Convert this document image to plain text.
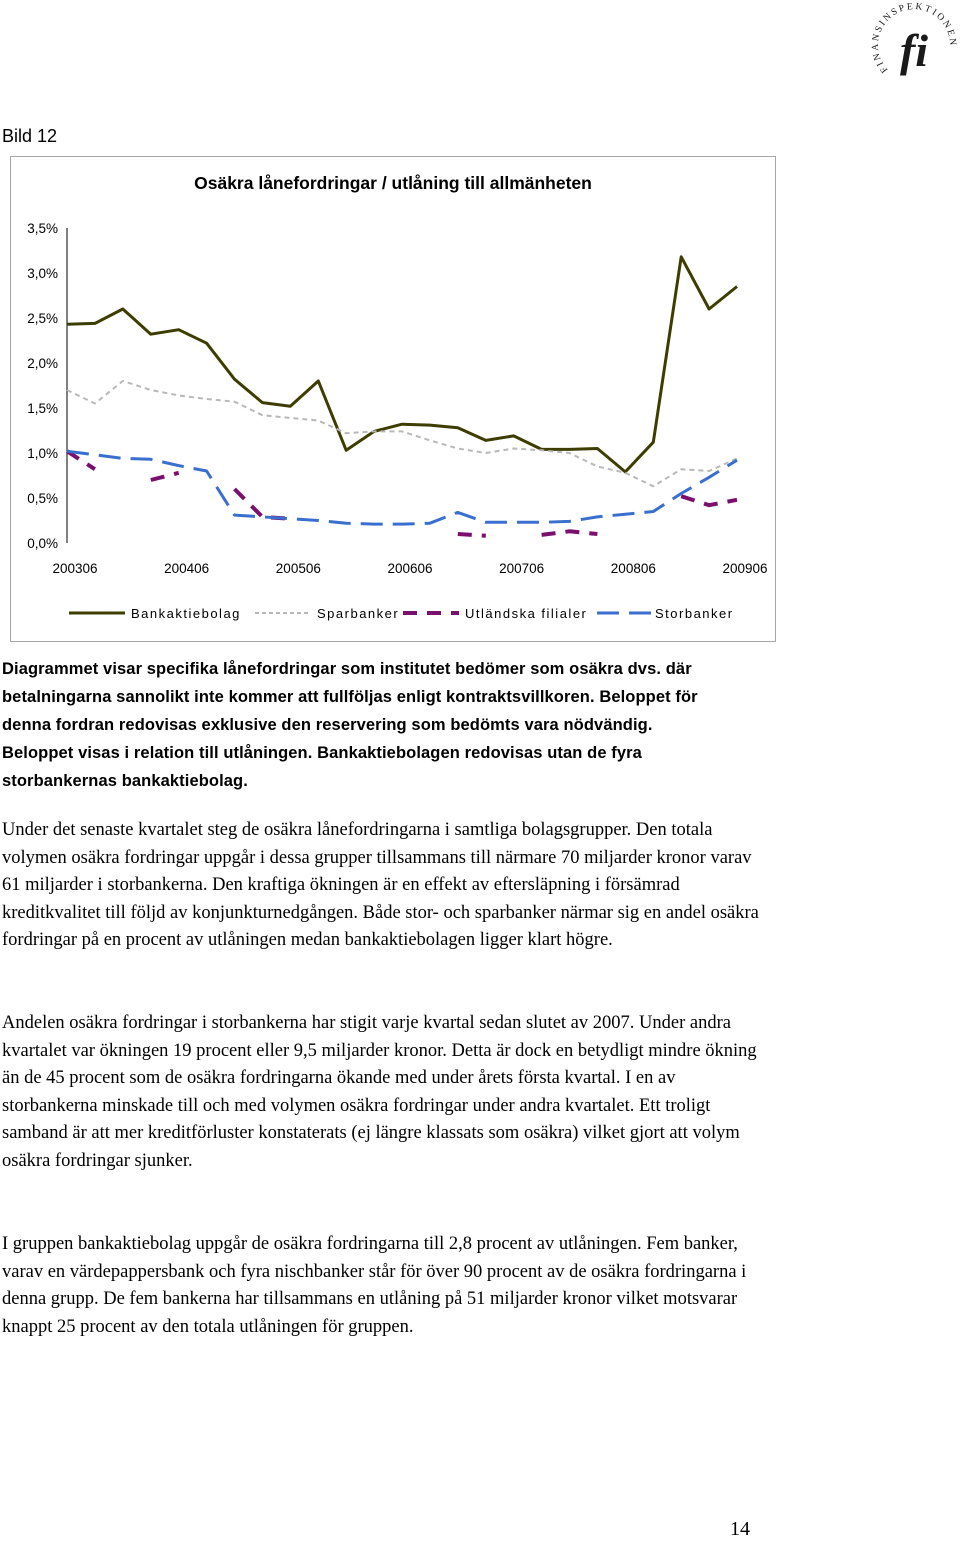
FINANSINSPEKTIONEN
fi
Bild 12
Osäkra lånefordringar / utlåning till allmänheten
0,0%
0,5%
1,0%
1,5%
2,0%
2,5%
3,0%
3,5%
200306	200406	200506	200606	200706	200806	200906
Bankaktiebolag	Sparbanker	Utländska filialer	Storbanker
Diagrammet visar specifika lånefordringar som institutet bedömer som osäkra dvs. där betalningarna sannolikt inte kommer att fullföljas enligt kontraktsvillkoren. Beloppet för denna fordran redovisas exklusive den reservering som bedömts vara nödvändig. Beloppet visas i relation till utlåningen. Bankaktiebolagen redovisas utan de fyra storbankernas bankaktiebolag.
Under det senaste kvartalet steg de osäkra lånefordringarna i samtliga bolagsgrupper. Den totala volymen osäkra fordringar uppgår i dessa grupper tillsammans till närmare 70 miljarder kronor varav 61 miljarder i storbankerna. Den kraftiga ökningen är en effekt av eftersläpning i försämrad kreditkvalitet till följd av konjunkturnedgången. Både stor- och sparbanker närmar sig en andel osäkra fordringar på en procent av utlåningen medan bankaktiebolagen ligger klart högre.
Andelen osäkra fordringar i storbankerna har stigit varje kvartal sedan slutet av 2007. Under andra kvartalet var ökningen 19 procent eller 9,5 miljarder kronor. Detta är dock en betydligt mindre ökning än de 45 procent som de osäkra fordringarna ökande med under årets första kvartal. I en av storbankerna minskade till och med volymen osäkra fordringar under andra kvartalet. Ett troligt samband är att mer kreditförluster konstaterats (ej längre klassats som osäkra) vilket gjort att volym osäkra fordringar sjunker.
I gruppen bankaktiebolag uppgår de osäkra fordringarna till 2,8 procent av utlåningen. Fem banker, varav en värdepappersbank och fyra nischbanker står för över 90 procent av de osäkra fordringarna i denna grupp. De fem bankerna har tillsammans en utlåning på 51 miljarder kronor vilket motsvarar knappt 25 procent av den totala utlåningen för gruppen.
14
